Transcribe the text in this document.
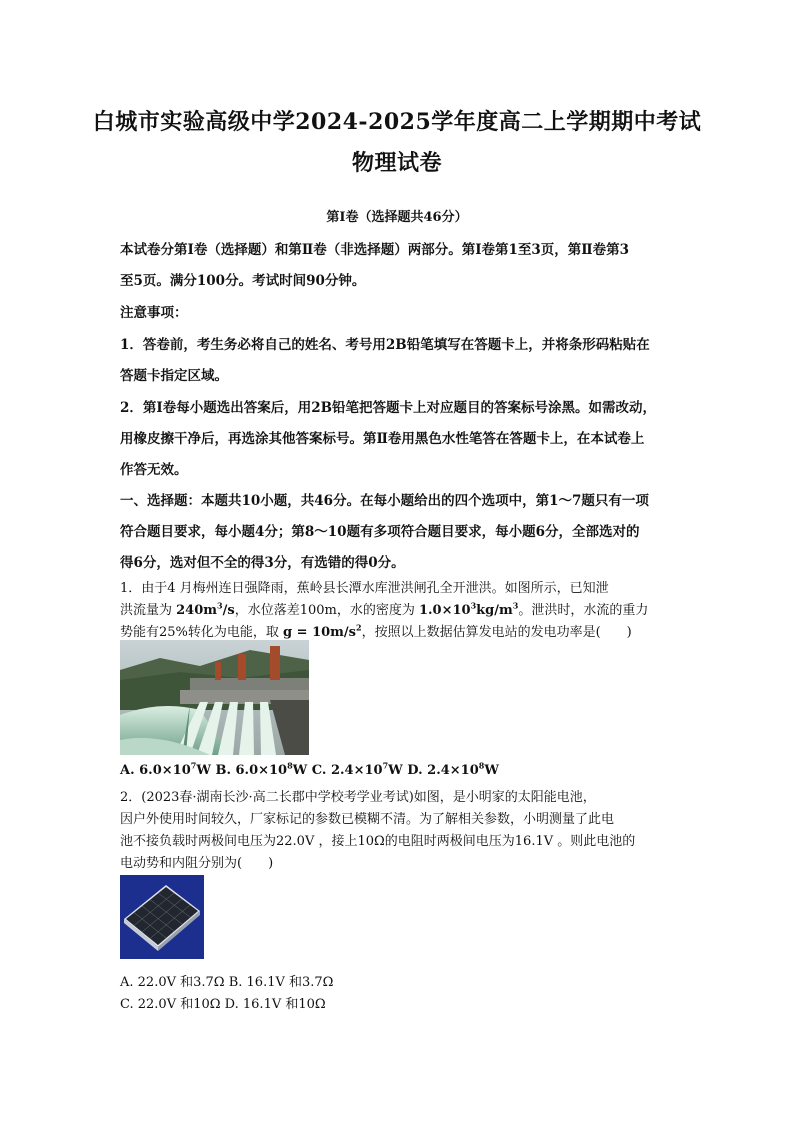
白城市实验高级中学2024-2025学年度高二上学期期中考试
物理试卷
第Ⅰ卷（选择题共46分）
本试卷分第Ⅰ卷（选择题）和第Ⅱ卷（非选择题）两部分。第Ⅰ卷第1至3页，第Ⅱ卷第3
至5页。满分100分。考试时间90分钟。
注意事项：
1．答卷前，考生务必将自己的姓名、考号用2B铅笔填写在答题卡上，并将条形码粘贴在
答题卡指定区域。
2．第Ⅰ卷每小题选出答案后，用2B铅笔把答题卡上对应题目的答案标号涂黑。如需改动，
用橡皮擦干净后，再选涂其他答案标号。第Ⅱ卷用黑色水性笔答在答题卡上，在本试卷上
作答无效。
一、选择题：本题共10小题，共46分。在每小题给出的四个选项中，第1～7题只有一项
符合题目要求，每小题4分；第8～10题有多项符合题目要求，每小题6分，全部选对的
得6分，选对但不全的得3分，有选错的得0分。
1．由于4 月梅州连日强降雨，蕉岭县长潭水库泄洪闸孔全开泄洪。如图所示，已知泄
洪流量为 $240m^3/s$，水位落差100m，水的密度为 $1.0\times 10^3kg/m^3$。泄洪时，水流的重力
势能有25%转化为电能，取 $g = 10m/s^2$，按照以上数据估算发电站的发电功率是(　　)
A. $6.0\times 10^7W$ B. $6.0\times 10^8W$ C. $2.4\times 10^7W$ D. $2.4\times 10^8W$
2．(2023春·湖南长沙·高二长郡中学校考学业考试)如图，是小明家的太阳能电池，
因户外使用时间较久，厂家标记的参数已模糊不清。为了解相关参数，小明测量了此电
池不接负载时两极间电压为22.0V ，接上10Ω的电阻时两极间电压为16.1V 。则此电池的
电动势和内阻分别为(　　)
A. 22.0V 和3.7Ω B. 16.1V 和3.7Ω
C. 22.0V 和10Ω D. 16.1V 和10Ω
